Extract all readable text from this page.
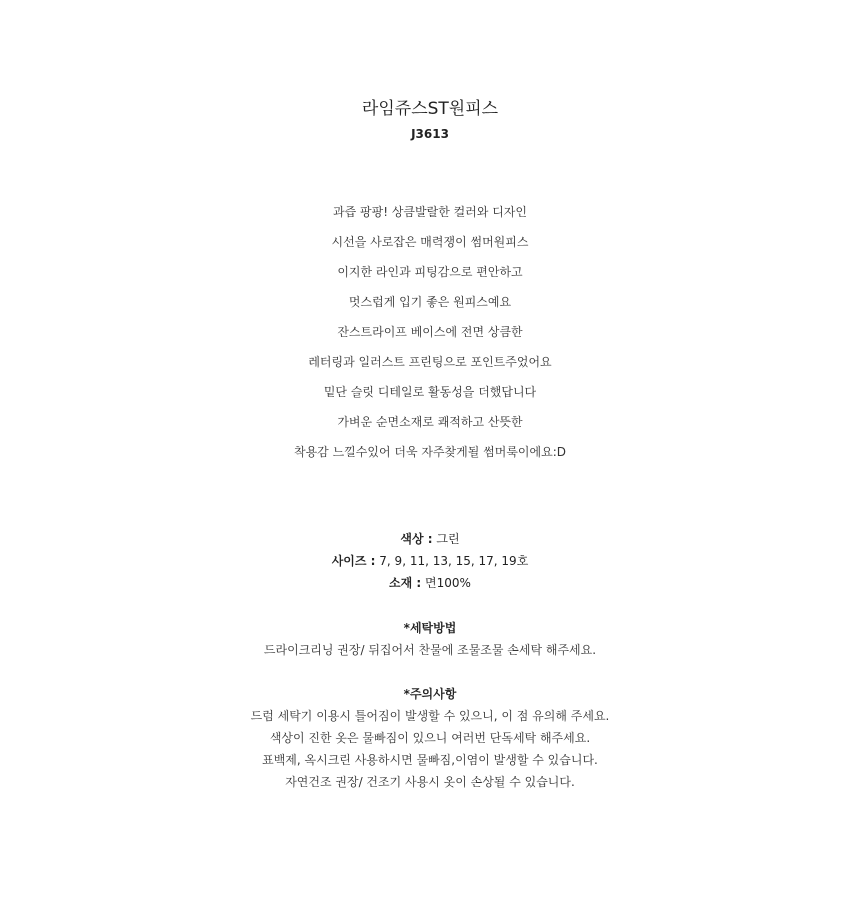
라임쥬스ST원피스
J3613
과즙 팡팡! 상큼발랄한 컬러와 디자인
시선을 사로잡은 매력쟁이 썸머원피스
이지한 라인과 피팅감으로 편안하고
멋스럽게 입기 좋은 원피스예요
잔스트라이프 베이스에 전면 상큼한
레터링과 일러스트 프린팅으로 포인트주었어요
밑단 슬릿 디테일로 활동성을 더했답니다
가벼운 순면소재로 쾌적하고 산뜻한
착용감 느낄수있어 더욱 자주찾게될 썸머룩이에요:D
색상 : 그린
사이즈 : 7, 9, 11, 13, 15, 17, 19호
소재 : 면100%
*세탁방법
드라이크리닝 권장/ 뒤집어서 찬물에 조물조물 손세탁 해주세요.
*주의사항
드럼 세탁기 이용시 틀어짐이 발생할 수 있으니, 이 점 유의해 주세요.
색상이 진한 옷은 물빠짐이 있으니 여러번 단독세탁 해주세요.
표백제, 옥시크린 사용하시면 물빠짐,이염이 발생할 수 있습니다.
자연건조 권장/ 건조기 사용시 옷이 손상될 수 있습니다.
